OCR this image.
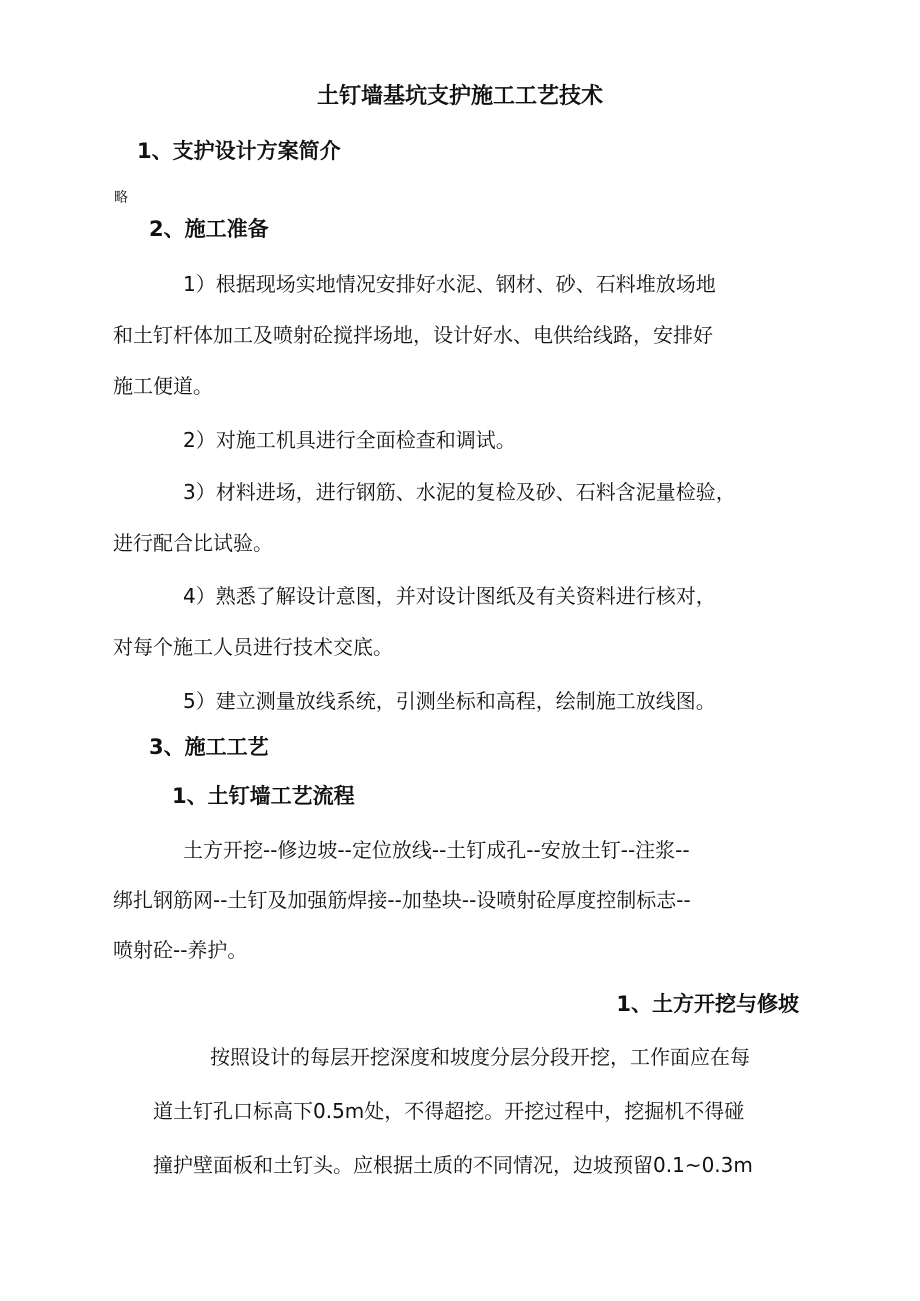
土钉墙基坑支护施工工艺技术
1、支护设计方案简介
略
2、施工准备
1）根据现场实地情况安排好水泥、钢材、砂、石料堆放场地
和土钉杆体加工及喷射砼搅拌场地，设计好水、电供给线路，安排好
施工便道。
2）对施工机具进行全面检查和调试。
3）材料进场，进行钢筋、水泥的复检及砂、石料含泥量检验，
进行配合比试验。
4）熟悉了解设计意图，并对设计图纸及有关资料进行核对，
对每个施工人员进行技术交底。
5）建立测量放线系统，引测坐标和高程，绘制施工放线图。
3、施工工艺
1、土钉墙工艺流程
土方开挖--修边坡--定位放线--土钉成孔--安放土钉--注浆--
绑扎钢筋网--土钉及加强筋焊接--加垫块--设喷射砼厚度控制标志--
喷射砼--养护。
1、土方开挖与修坡
按照设计的每层开挖深度和坡度分层分段开挖，工作面应在每
道土钉孔口标高下0.5m处，不得超挖。开挖过程中，挖掘机不得碰
撞护壁面板和土钉头。应根据土质的不同情况，边坡预留0.1~0.3m
